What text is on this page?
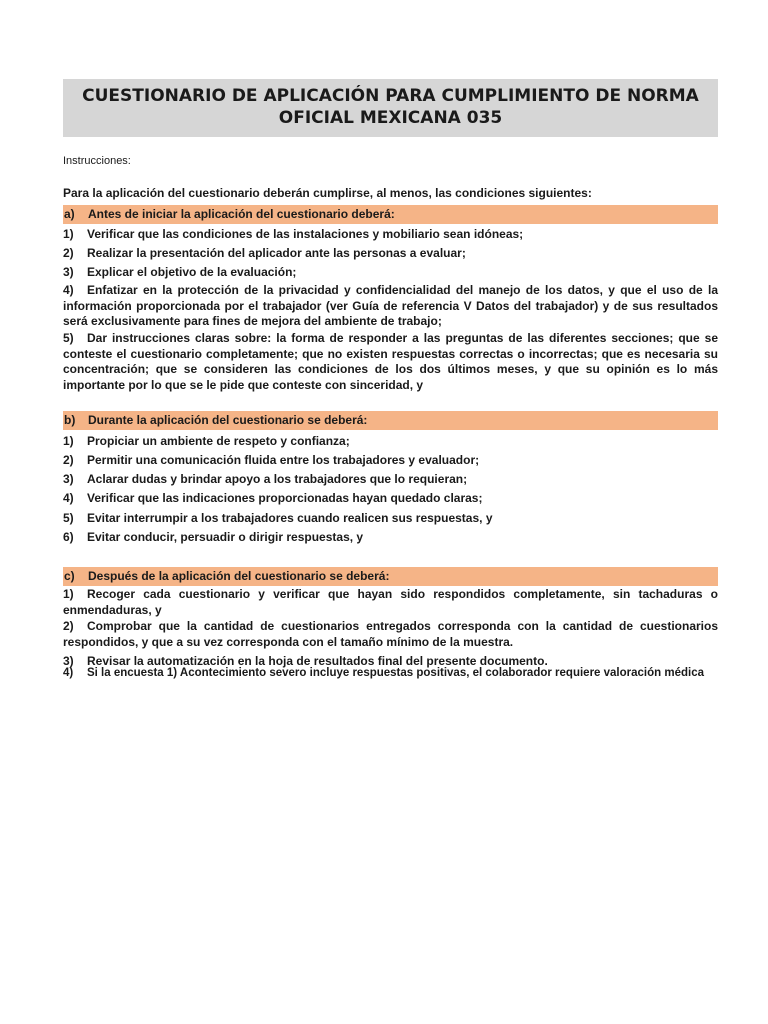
CUESTIONARIO DE APLICACIÓN PARA CUMPLIMIENTO DE NORMA OFICIAL MEXICANA 035
Instrucciones:
Para la aplicación del cuestionario deberán cumplirse, al menos, las condiciones siguientes:
a) Antes de iniciar la aplicación del cuestionario deberá:
1) Verificar que las condiciones de las instalaciones y mobiliario sean idóneas;
2) Realizar la presentación del aplicador ante las personas a evaluar;
3) Explicar el objetivo de la evaluación;
4) Enfatizar en la protección de la privacidad y confidencialidad del manejo de los datos, y que el uso de la información proporcionada por el trabajador (ver Guía de referencia V Datos del trabajador) y de sus resultados será exclusivamente para fines de mejora del ambiente de trabajo;
5) Dar instrucciones claras sobre: la forma de responder a las preguntas de las diferentes secciones; que se conteste el cuestionario completamente; que no existen respuestas correctas o incorrectas; que es necesaria su concentración; que se consideren las condiciones de los dos últimos meses, y que su opinión es lo más importante por lo que se le pide que conteste con sinceridad, y
b) Durante la aplicación del cuestionario se deberá:
1) Propiciar un ambiente de respeto y confianza;
2) Permitir una comunicación fluida entre los trabajadores y evaluador;
3) Aclarar dudas y brindar apoyo a los trabajadores que lo requieran;
4) Verificar que las indicaciones proporcionadas hayan quedado claras;
5) Evitar interrumpir a los trabajadores cuando realicen sus respuestas, y
6) Evitar conducir, persuadir o dirigir respuestas, y
c) Después de la aplicación del cuestionario se deberá:
1) Recoger cada cuestionario y verificar que hayan sido respondidos completamente, sin tachaduras o enmendaduras, y
2) Comprobar que la cantidad de cuestionarios entregados corresponda con la cantidad de cuestionarios respondidos, y que a su vez corresponda con el tamaño mínimo de la muestra.
3) Revisar la automatización en la hoja de resultados final del presente documento.
4) Si la encuesta 1) Acontecimiento severo incluye respuestas positivas, el colaborador requiere valoración médica
